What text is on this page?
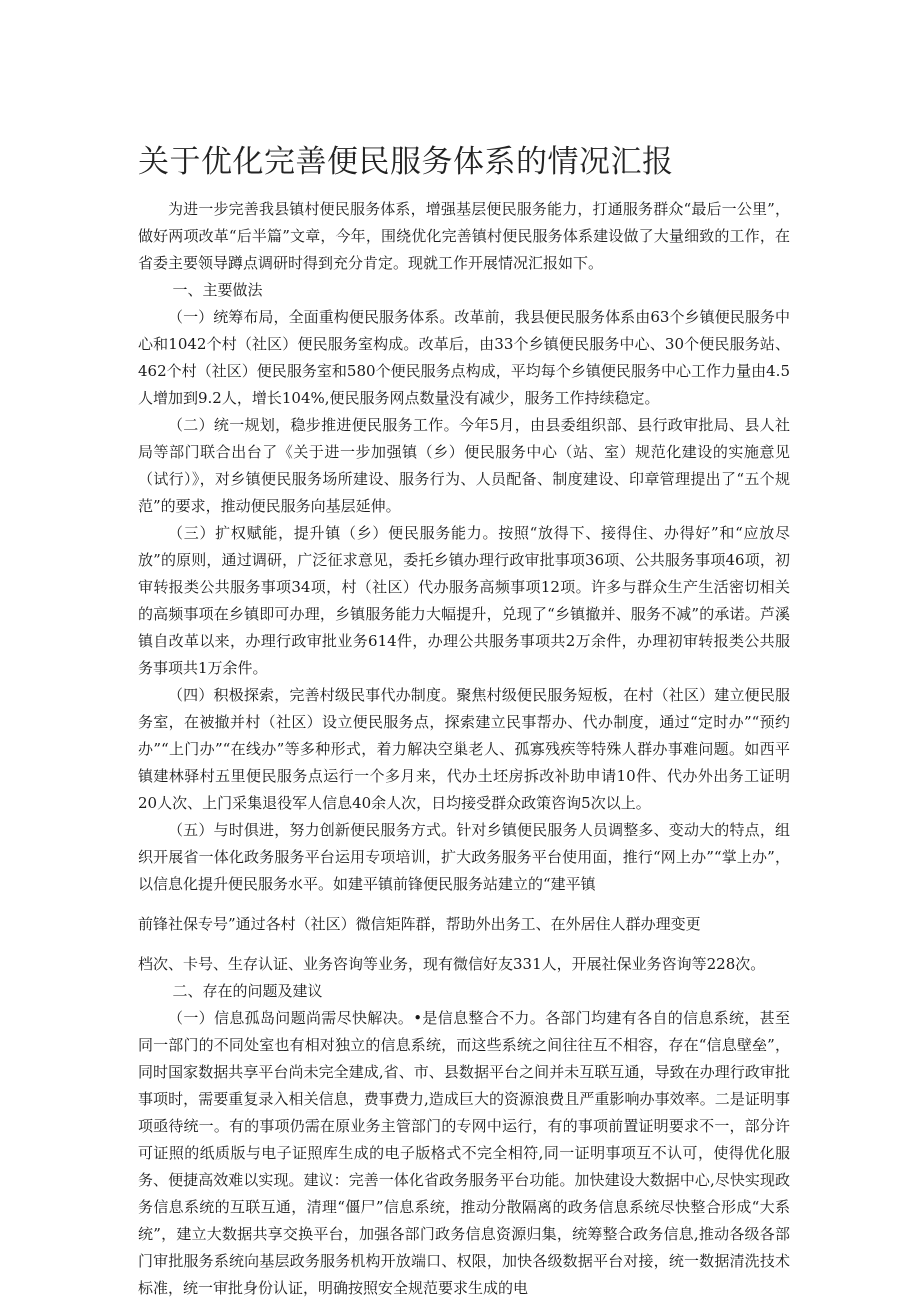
关于优化完善便民服务体系的情况汇报

为进一步完善我县镇村便民服务体系，增强基层便民服务能力，打通服务群众“最后一公里”，做好两项改革“后半篇”文章，今年，围绕优化完善镇村便民服务体系建设做了大量细致的工作，在省委主要领导蹲点调研时得到充分肯定。现就工作开展情况汇报如下。

一、主要做法

（一）统筹布局，全面重构便民服务体系。改革前，我县便民服务体系由63个乡镇便民服务中心和1042个村（社区）便民服务室构成。改革后，由33个乡镇便民服务中心、30个便民服务站、462个村（社区）便民服务室和580个便民服务点构成，平均每个乡镇便民服务中心工作力量由4.5人增加到9.2人，增长104%,便民服务网点数量没有减少，服务工作持续稳定。

（二）统一规划，稳步推进便民服务工作。今年5月，由县委组织部、县行政审批局、县人社局等部门联合出台了《关于进一步加强镇（乡）便民服务中心（站、室）规范化建设的实施意见（试行）》，对乡镇便民服务场所建设、服务行为、人员配备、制度建设、印章管理提出了“五个规范”的要求，推动便民服务向基层延伸。

（三）扩权赋能，提升镇（乡）便民服务能力。按照“放得下、接得住、办得好”和“应放尽放”的原则，通过调研，广泛征求意见，委托乡镇办理行政审批事项36项、公共服务事项46项，初审转报类公共服务事项34项，村（社区）代办服务高频事项12项。许多与群众生产生活密切相关的高频事项在乡镇即可办理，乡镇服务能力大幅提升，兑现了“乡镇撤并、服务不减”的承诺。芦溪镇自改革以来，办理行政审批业务614件，办理公共服务事项共2万余件，办理初审转报类公共服务事项共1万余件。

（四）积极探索，完善村级民事代办制度。聚焦村级便民服务短板，在村（社区）建立便民服务室，在被撤并村（社区）设立便民服务点，探索建立民事帮办、代办制度，通过“定时办”“预约办”“上门办”“在线办”等多种形式，着力解决空巢老人、孤寡残疾等特殊人群办事难问题。如西平镇建林驿村五里便民服务点运行一个多月来，代办土坯房拆改补助申请10件、代办外出务工证明20人次、上门采集退役军人信息40余人次，日均接受群众政策咨询5次以上。

（五）与时俱进，努力创新便民服务方式。针对乡镇便民服务人员调整多、变动大的特点，组织开展省一体化政务服务平台运用专项培训，扩大政务服务平台使用面，推行“网上办”“掌上办”，以信息化提升便民服务水平。如建平镇前锋便民服务站建立的“建平镇

前锋社保专号”通过各村（社区）微信矩阵群，帮助外出务工、在外居住人群办理变更

档次、卡号、生存认证、业务咨询等业务，现有微信好友331人，开展社保业务咨询等228次。

二、存在的问题及建议

（一）信息孤岛问题尚需尽快解决。•是信息整合不力。各部门均建有各自的信息系统，甚至同一部门的不同处室也有相对独立的信息系统，而这些系统之间往往互不相容，存在“信息壁垒”，同时国家数据共享平台尚未完全建成,省、市、县数据平台之间并未互联互通，导致在办理行政审批事项时，需要重复录入相关信息，费事费力,造成巨大的资源浪费且严重影响办事效率。二是证明事项亟待统一。有的事项仍需在原业务主管部门的专网中运行，有的事项前置证明要求不一，部分许可证照的纸质版与电子证照库生成的电子版格式不完全相符,同一证明事项互不认可，使得优化服务、便捷高效难以实现。建议：完善一体化省政务服务平台功能。加快建设大数据中心,尽快实现政务信息系统的互联互通，清理“僵尸”信息系统，推动分散隔离的政务信息系统尽快整合形成“大系统”，建立大数据共享交换平台，加强各部门政务信息资源归集，统筹整合政务信息,推动各级各部门审批服务系统向基层政务服务机构开放端口、权限，加快各级数据平台对接，统一数据清洗技术标准，统一审批身份认证，明确按照安全规范要求生成的电
